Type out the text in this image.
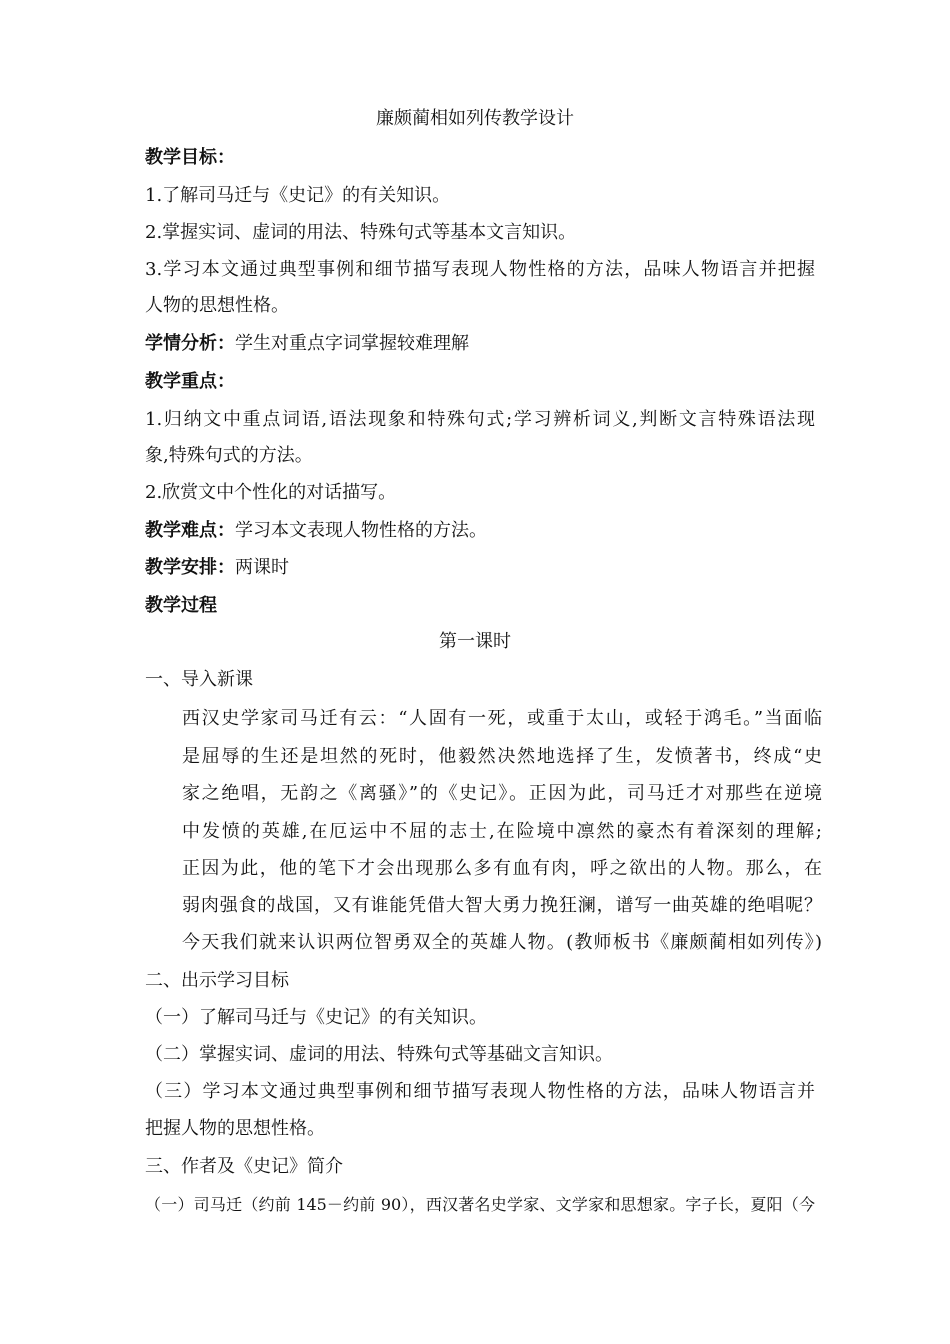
廉颇蔺相如列传教学设计
教学目标：
1.了解司马迁与《史记》的有关知识。
2.掌握实词、虚词的用法、特殊句式等基本文言知识。
3.学习本文通过典型事例和细节描写表现人物性格的方法，品味人物语言并把握
人物的思想性格。
学情分析：学生对重点字词掌握较难理解
教学重点：
1.归纳文中重点词语,语法现象和特殊句式;学习辨析词义,判断文言特殊语法现
象,特殊句式的方法。
2.欣赏文中个性化的对话描写。
教学难点：学习本文表现人物性格的方法。
教学安排：两课时
教学过程
第一课时
一、导入新课
西汉史学家司马迁有云：“人固有一死，或重于太山，或轻于鸿毛。”当面临
是屈辱的生还是坦然的死时，他毅然决然地选择了生，发愤著书，终成“史
家之绝唱，无韵之《离骚》”的《史记》。正因为此，司马迁才对那些在逆境
中发愤的英雄,在厄运中不屈的志士,在险境中凛然的豪杰有着深刻的理解;
正因为此，他的笔下才会出现那么多有血有肉，呼之欲出的人物。那么，在
弱肉强食的战国，又有谁能凭借大智大勇力挽狂澜，谱写一曲英雄的绝唱呢？
今天我们就来认识两位智勇双全的英雄人物。(教师板书《廉颇蔺相如列传》)
二、出示学习目标
（一）了解司马迁与《史记》的有关知识。
（二）掌握实词、虚词的用法、特殊句式等基础文言知识。
（三）学习本文通过典型事例和细节描写表现人物性格的方法，品味人物语言并
把握人物的思想性格。
三、作者及《史记》简介
（一）司马迁（约前 145－约前 90），西汉著名史学家、文学家和思想家。字子长，夏阳（今
